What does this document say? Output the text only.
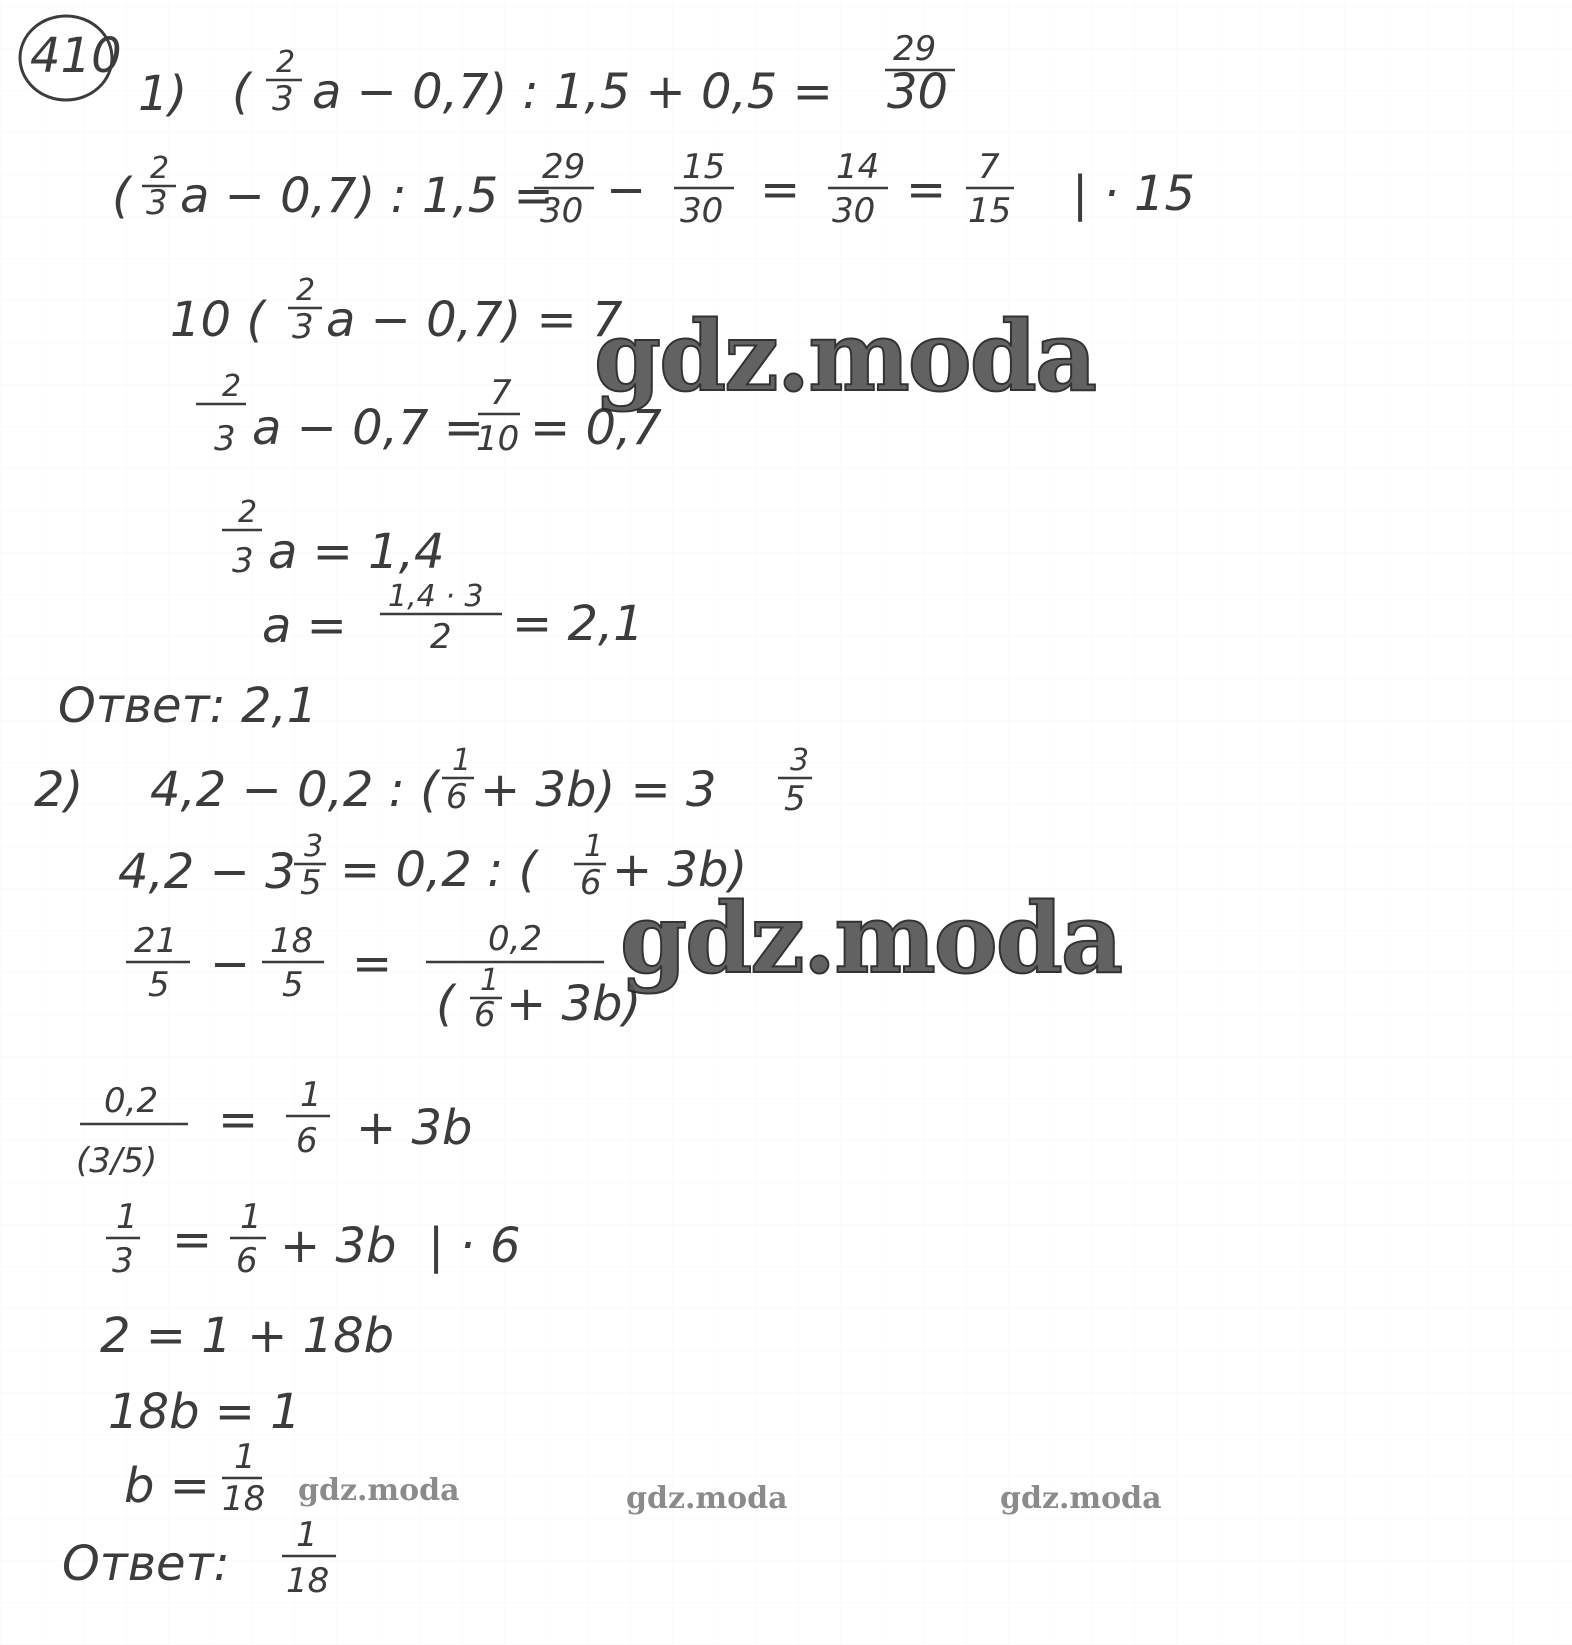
410
1) (
2
3 a − 0,7) : 1,5 + 0,5 =
29
30
( 2
3 a − 0,7) : 1,5 =
29
30 − 15
30 = 14
30 = 7
15 | · 15
10 (
2
3 a − 0,7) = 7
2
3 a − 0,7 =
7
10 = 0,7
2
3 a = 1,4
a =
1,4 · 3
2 = 2,1
Ответ: 2,1
2) 4,2 − 0,2 : (
1
6 + 3b) = 3
3
5
4,2 − 3 3
5 = 0,2 : ( 1
6 + 3b)
21
5 − 18
5 =	0,2
( 1
6 + 3b)
0,2
(3/5)
= 1
6 + 3b
1
3 = 1
6 + 3b | · 6
2 = 1 + 18b
18b = 1
b =
1
18
Ответ:
1
18
gdz.moda
gdz.moda
gdz.moda	gdz.moda	gdz.moda
